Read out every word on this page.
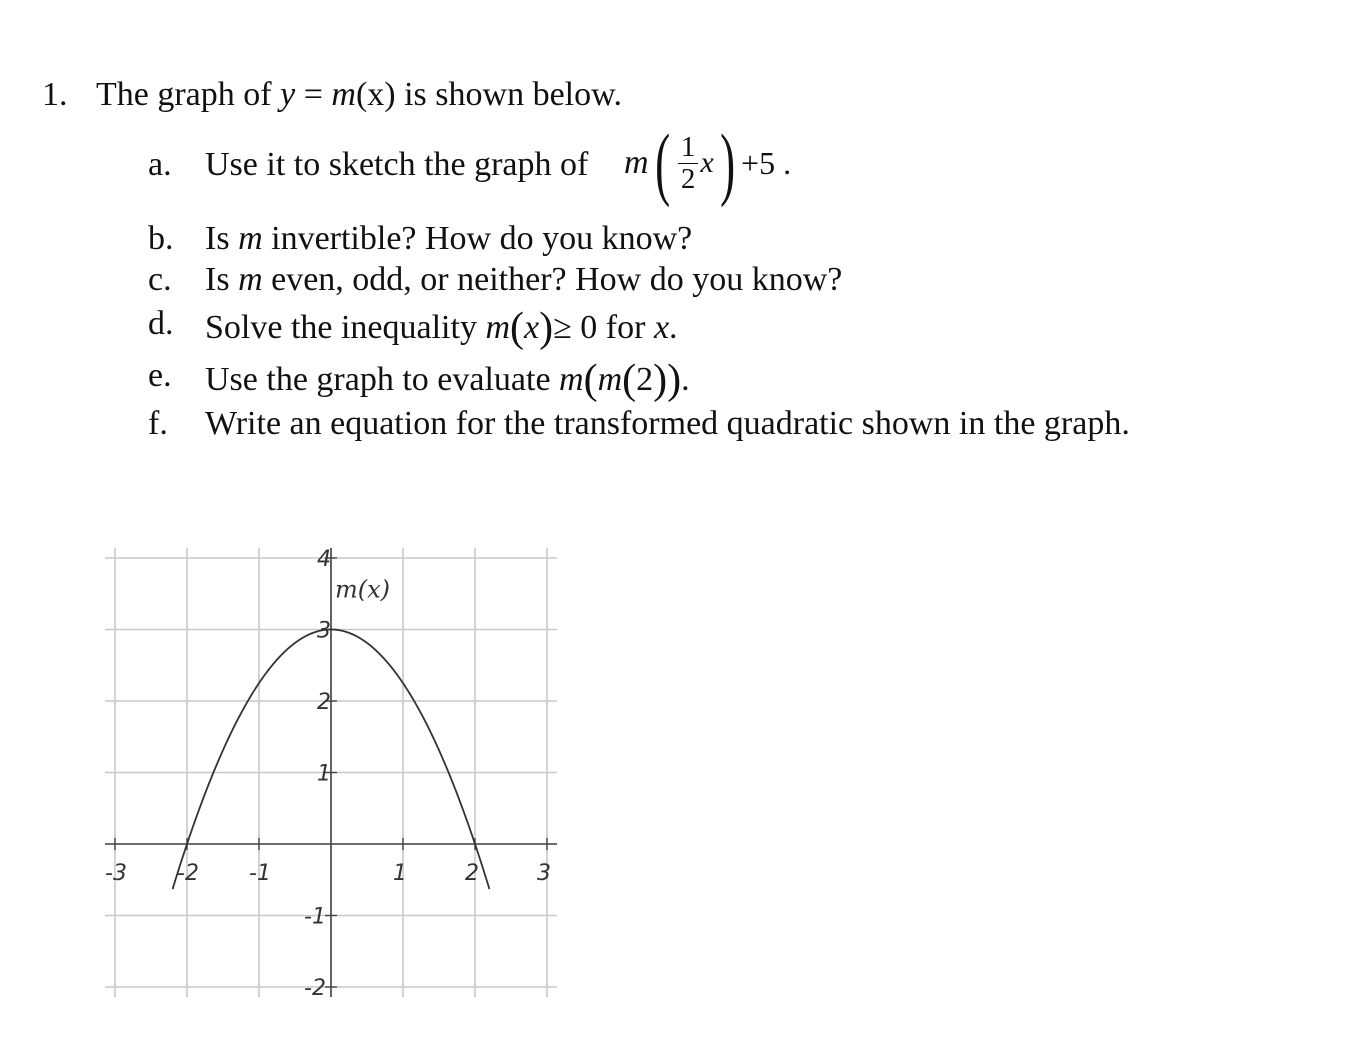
1. The graph of y = m(x) is shown below.
a. Use it to sketch the graph of m ( $\frac{1}{2}$ x ) +5 .
b. Is m invertible? How do you know?
c. Is m even, odd, or neither? How do you know?
d. Solve the inequality m(x)≥ 0 for x.
e. Use the graph to evaluate m(m(2)).
f. Write an equation for the transformed quadratic shown in the graph.
-3 -2 -1	1	2	3
4
3
2
1
-1
-2
m(x)
